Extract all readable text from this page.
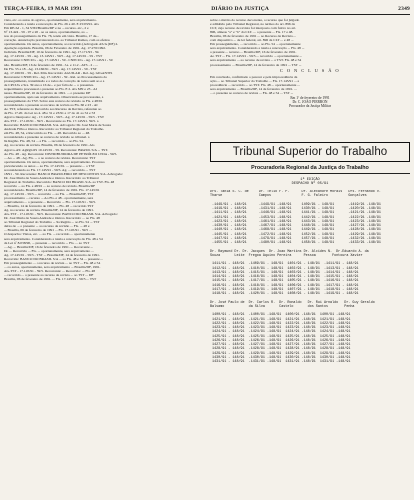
TERÇA-FEIRA, 19 MAR 1991	DIÁRIO DA JUSTIÇA	2349
vista, etc. os autos do agravo, oportunamente, sera arquivamento.
Considerando a tutela e renovação do Fls. 26 e 40. E 25/03/91. AG
Em RE/AI - 1, 34 STD/Brasilia/DF e na ... recurso. etc., 2 e
Nº 13.424 - 59 - 07 e 20 - se os autos, oportunamente, ao ...
nos do prosseguimento da Fls. 76, tendo em vista. Brasília, 17 de...
correção. Anunciação prevalecendo na. ao Tribunal Ramos, com os efeitos
oportunamente. Os autos, oportunamente, ao recorrido (Advogado AS/A (DF) 2.
Apelação rejeitada. Brasília, 06 de Fevereiro de 1991. Ag. 17.276/1992.
Judiciais. Brasília/DF, 10 de fevereiro de 1991. Ag. 17.171/93 - 59.
Ag. 17.145/91 - 59 - Ag. 13.145/91 - 59/5 - Ag. 17.145/91 - 59 - TST
Recorrente: CNPCUG - Ag. 17.145/91 - 59 - CNPCUG - Ag. 17.145/91 - 59
não. Brasília/DF, 16 de fevereiro de 1991. J.a. e 11.2 - ATS - 2 - ...
De Fls. 55 e 18 - Ag. 13.166/91 - 59/5 - Ag. 17.145/91 - 59 - TST
Ag. 17.166/91 - 59 - Rel. Min. Recorrido: AGUILAR - Rel. Ag. GIGANTIS
Recorrente: CNSPCUG - Ag. 17.145/91 - 59 - Rel. ao Processamento do
prosseguimento, transmissão e a todos de correção de todos sem ao e a
de CPCUG e Sra. 39 ano a 16 de... e por falta de ... o presentes.
requerimento processual o presente ao Fls. E 2. AG MN e 23 - AI
nessa. Brasília/DF, 16 de fevereiro de 1991. ... o presente DF
oportunamente, após seu arquivamento. Observando-se processante, a
prosseguimento do TST. Sobre este recurso de revisão os Fls. e 48/91
reconsiderado o presente ao recurso de revista ao Fls. 60 e 23 - AI
Ao TST, referente ao Recorrido aos Recurso de Revista, referente ao
de Fls. 17.20. da Lei no 4. 48 e 31 e 23/91 e 17 do 41 ao 52 e 53
Agravo Interposto: Ag - 17.145/91 - 59/5 - Ag. 17.145/91 - 59/5 - TST
AG-TST - 17.145/91 - 59/5 - Recorrente ao Fls. 17.145/91. 59/5. a
Recorrido: BANCO DO BRASIL S/A. Advogado: Dr. José Maria de Souza
Andrade Filho e Outros. Recorrido: ao Tribunal Regional do Trabalho.
em Fls. 48, 54, e Recorrido ao Fls. ... 48. Recorrido ao ... 48.
reconsiderado e presente ao recurso de revisão ao tribunal. a
9a Região. Fls. 48, 54 ... a Fls. ... recorrido ... ao Fls. 54.
Ag. no recurso de revista. Brasília, 06 de fevereiro de 1991. AG
Agravo-AS: AgRgLOS 10.145/91 - 59. Recorrente: BRASIL S/A ... TST.
Ao Fls. 48 - Ag. Recorrente: DISTRIBUIDORA DE PETRÓLEO LTDA - 59/5.
... Ao ... 48 - Ag. Fls. ... o ao recurso de revista. Recorrente: TST
oportunamente. Os autos, oportunamente, sera arquivamento. Processo
prevalecendo os autos ... ao Fls. 17.145/91. ... presente ... o TST
reconsiderando ao Fls. 17.145/91 - 59/5. Ag. ... recorrido ... TST
18/91 - 59. Recorrente: BANCO BRASILEIRO DE DESCONTOS S/A. Advogado:
Dr. Jose Maria de Souza Andrade e Outros. Recorrido: ao Tribunal
Regional do Trabalho. Recorrido: BANCO DO BRASIL S/A. ao TST. Fls. 48
recorrido ... ao Fls. e 48/91 ... ao recurso de revisão. Brasília/DF
reconsiderado. Brasília/DF, 14 de fevereiro de 1991. Fls. 17.145/91
Ag. 17.145/91 - 59/5 ... recorrido ... ao Fls. ... Brasília/DF, TST
processamento ... recurso ... Ao Fls. e 48 - oportunamente, sera
arquivamento ... o presente ... Recorrido ... Fls. 17.145/91 - 59/5.
... Brasília, 14 de fevereiro de 1991. ... Fls. 48 ... recorrido TST
Ag. no recurso de revista. Brasília/DF, 14 de fevereiro de 1991.
AG-TST - 17.145/91 - 59/5. Recorrente: BANCO DO BRASIL S/A. Advogado:
Dr. José Maria de Souza Andrade e Outros. Recorrido: ... ao Fls. 48
ao Tribunal Regional do Trabalho ... 9a Região ... ao Fls. 54 ... TST
deixa de ... o presente ... ao recurso de revisão ... Fls. ... 48 e
... Brasília, 06 de fevereiro de 1991 ... Fls. 17.145/91 - 59/5 ...
O despacho: Vistos, etc. ... ao Fls. ... recorrido ... oportunamente
sera arquivamento. Considerando a tutela e renovação do Fls. 48 e 54
da Lei nº 8.038/90, ... presente ... recorrido ... Fls. ... ao TST
... Ag. ... Brasília/DF, 16 de fevereiro de 1991. ... Recorrente ...
Dr. ... Recorrido ... Fls. ... oportunamente, sera arquivamento ...
Ag. 17.145/91 - 59/5 - TST ... Brasília/DF, 14 de fevereiro de 1991.
Recorrido: BANCO DO BRASIL S/A ... ao Fls. 48 e 54 ... presente ...
Em prosseguimento ... o recurso de revista ... ao TST ... Fls. 48 e 54
... os autos, oportunamente, sera arquivamento ... Brasília/DF, 1991.
AG-TST - 17.145/91 - 59/5. Recorrente: ... Recorrido: ... Fls. 48
... recorrido ... o presente ao recurso de revista ... ao TST ... DF
Brasília, 06 de fevereiro de 1991. ... Fls. 17.145/91 - 59/5 ... TST
sobre o mérito do recurso decorrente, o recurso que foi julgado
e admitido pelo Tribunal Regional, no termos do art. 896 da
CLT, cujo recurso de revista foi interposto com fulcro no art.
896, alíneas "a" e "b" da CLT. ... o presente ... Fls. 17 e 48.
Brasília, 06 de fevereiro de 1991 ... ao Recurso de Revista ...
com dispositivo ... de lei federal, art. 896 da CLT ... e 48 ...
Em prosseguimento, ... recorrido ... ao Fls. 54 ... oportunamente
sera arquivamento. Considerando a tutela e renovação ... Fls. 48 ...
o presente ... recurso ... Brasília/DF, 16 de fevereiro de 1991.
Ao TST ... Fls. 17.145/91 - 59/5 ... recorrido ... oportunamente ...
sera arquivamento ... ao recurso de revista ... o TST. Fls. 48 e 54
processamento ... Brasília/DF, 14 de fevereiro de 1991 ... TST ...
C O N C L U S Ã O
Em conclusão, confirmado o parecer e pela improcedência da
ação ... ao Tribunal Superior do Trabalho ... Fls. 17.145/91 ... a
procedência ... recorrido ... ao TST. Fls. 48 ... oportunamente ...
sera arquivamento ... Brasília/DF, 14 de fevereiro de 1991. ...
... o presente ao recurso de revista ... Fls. 48 e 54 ... TST ...
Em 1º de fevereiro de 1991
Dr. C. JOÃO PIERRON
Procurador da Justiça Militar
Tribunal Superior do Trabalho
Procuradoria Regional da Justiça do Trabalho
1ª EDIÇÃO
DESPACHO Nº 05/91
Drs. Tania S. C. de     Dr. Telio F. P.      Dr. Alexandre Morais   Drs. Fernando V.
Tharse                  Campos               F. G. Faleiro          Gonçalves

-1449/91 - 148/91      -1449/91 -148/91     1409/91 - 148/91       -1419/91 -148/91
-1419/91 - 148/91      -1431/91 -148/91     1430/91 - 148/91       -1420/91 -148/91
-1411/91 - 148/91      -1446/91 -148/91     1441/91 - 148/91       -1421/91 -148/91
-1421/91 - 148/91      -1453/91 -148/91     1442/91 - 148/91       -1422/91 -148/91
-1423/91 - 148/91      -1461/91 -148/91     1443/91 - 148/91       -1423/91 -148/91
-1430/91 - 148/91      -1467/91 -148/91     1448/91 - 148/91       -1427/91 -148/91
-1440/91 - 148/91      -1468/91 -148/91     1449/91 - 148/91       -1428/91 -148/91
-1445/91 - 148/91      -1472/91 -148/91     1452/91 - 148/91       -1429/91 -148/91
-1447/91 - 148/91      -1479/91 -148/91     1457/91 - 148/91       -1432/91 -148/91
-1455/91 - 148/91      -1480/91 -148/91     1458/91 - 148/91       -1433/91 -148/91

Dr. Raymund Dr. Dr. Jacques  Dr. Joao Martins Dr. Alcides N.  Dr.Eduardo A. da
Souza       Leite  Fregoa Aquino Pereira      Pessoa        Fontoura Xavier

1411/91 - 148/91  -1409/91 - 148/91  1401/91 - 148/91  -1411/91 - 148/91
1412/91 - 148/91  -1410/91 - 148/91  1402/91 - 148/91  -1413/91 - 148/91
1413/91 - 148/91  -1415/91 - 148/91  1403/91 - 148/91  -1414/91 - 148/91
1414/91 - 148/91  -1416/91 - 148/91  1404/91 - 148/91  -1415/91 - 148/91
1415/91 - 148/91  -1417/91 - 148/91  1405/91 - 148/91  -1416/91 - 148/91
1416/91 - 148/91  -1418/91 - 148/91  1406/91 - 148/91  -1417/91 - 148/91
1417/91 - 148/91  -1419/91 - 148/91  1407/91 - 148/91  -1418/91 - 148/91
1418/91 - 148/91  -1420/91 - 148/91  1408/91 - 148/91  -1419/91 - 148/91

Dr. José Paulo de  Dr. Carlos R.  Dr. Ronaldo   Dr. Rui Arnaldo   Dr. Guy Geraldo
Balsamo            da Silva       Castelo       dos Santos        Penha

1400/91 - 148/91  -1400/91 -148/91  1400/91 -148/91  1400/91 -148/91
1421/91 - 148/91  -1421/91 -148/91  1421/91 -148/91  1421/91 -148/91
1422/91 - 148/91  -1422/91 -148/91  1422/91 -148/91  1422/91 -148/91
1423/91 - 148/91  -1423/91 -148/91  1423/91 -148/91  1423/91 -148/91
1424/91 - 148/91  -1424/91 -148/91  1424/91 -148/91  1424/91 -148/91
1425/91 - 148/91  -1425/91 -148/91  1425/91 -148/91  1425/91 -148/91
1426/91 - 148/91  -1426/91 -148/91  1426/91 -148/91  1426/91 -148/91
1427/91 - 148/91  -1427/91 -148/91  1427/91 -148/91  1427/91 -148/91
1428/91 - 148/91  -1428/91 -148/91  1428/91 -148/91  1428/91 -148/91
1429/91 - 148/91  -1429/91 -148/91  1429/91 -148/91  1429/91 -148/91
1430/91 - 148/91  -1430/91 -148/91  1430/91 -148/91  1430/91 -148/91
1431/91 - 148/91  -1431/91 -148/91  1431/91 -148/91  1431/91 -148/91
